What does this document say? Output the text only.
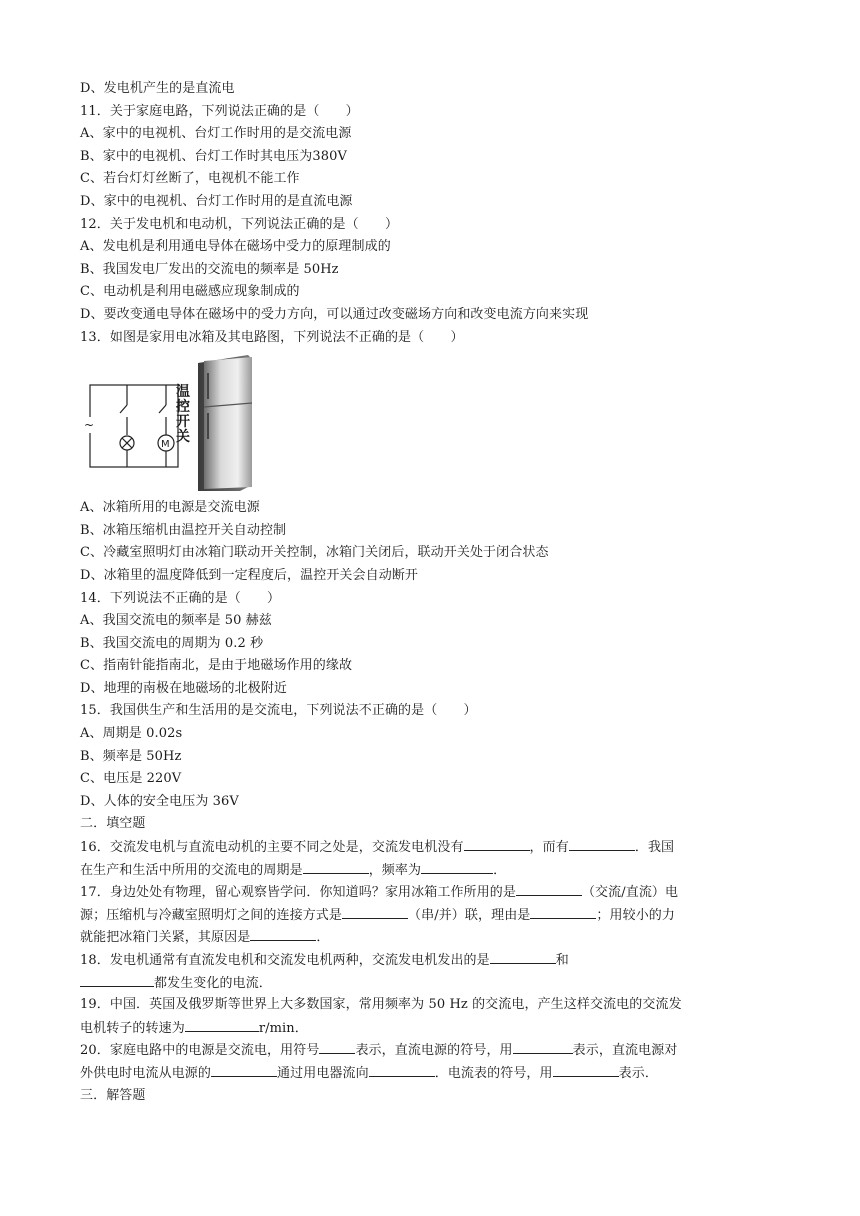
D、发电机产生的是直流电
11．关于家庭电路，下列说法正确的是（　　）
A、家中的电视机、台灯工作时用的是交流电源
B、家中的电视机、台灯工作时其电压为380V
C、若台灯灯丝断了，电视机不能工作
D、家中的电视机、台灯工作时用的是直流电源
12．关于发电机和电动机，下列说法正确的是（　　）
A、发电机是利用通电导体在磁场中受力的原理制成的
B、我国发电厂发出的交流电的频率是 50Hz
C、电动机是利用电磁感应现象制成的
D、要改变通电导体在磁场中的受力方向，可以通过改变磁场方向和改变电流方向来实现
13．如图是家用电冰箱及其电路图，下列说法不正确的是（　　）
~
M
温控开关
A、冰箱所用的电源是交流电源
B、冰箱压缩机由温控开关自动控制
C、冷藏室照明灯由冰箱门联动开关控制，冰箱门关闭后，联动开关处于闭合状态
D、冰箱里的温度降低到一定程度后，温控开关会自动断开
14．下列说法不正确的是（　　）
A、我国交流电的频率是 50 赫兹
B、我国交流电的周期为 0.2 秒
C、指南针能指南北，是由于地磁场作用的缘故
D、地理的南极在地磁场的北极附近
15．我国供生产和生活用的是交流电，下列说法不正确的是（　　）
A、周期是 0.02s
B、频率是 50Hz
C、电压是 220V
D、人体的安全电压为 36V
二．填空题
16．交流发电机与直流电动机的主要不同之处是，交流发电机没有	，而有	．我国
在生产和生活中所用的交流电的周期是	，频率为	．
17．身边处处有物理，留心观察皆学问．你知道吗？家用冰箱工作所用的是	（交流/直流）电
源；压缩机与冷藏室照明灯之间的连接方式是	（串/并）联，理由是	；用较小的力
就能把冰箱门关紧，其原因是	．
18．发电机通常有直流发电机和交流发电机两种，交流发电机发出的是	和
都发生变化的电流．
19．中国．英国及俄罗斯等世界上大多数国家，常用频率为 50 Hz 的交流电，产生这样交流电的交流发
电机转子的转速为	r/min．
20．家庭电路中的电源是交流电，用符号	表示，直流电源的符号，用	表示，直流电源对
外供电时电流从电源的	通过用电器流向	．电流表的符号，用	表示．
三．解答题
